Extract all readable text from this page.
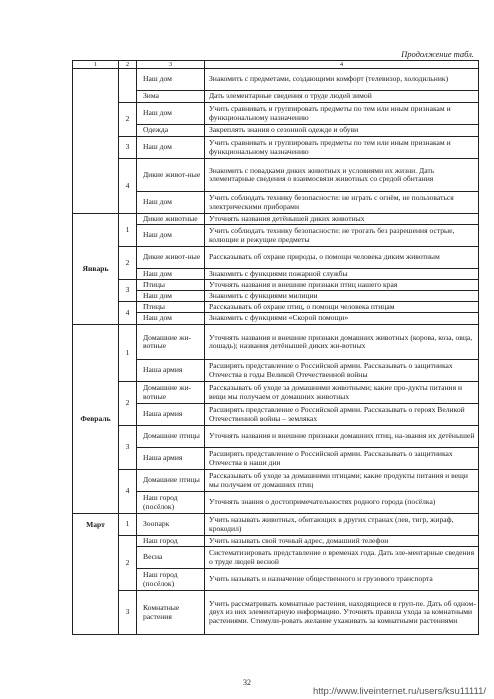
Продолжение табл.
1	2	3	4
		Наш дом	Знакомить с предметами, создающими комфорт (телевизор, холодильник)
		Зима	Дать элементарные сведения о труде людей зимой
	2	Наш дом	Учить сравнивать и группировать предметы по тем или иным признакам и функциональному назначению
		Одежда	Закреплять знания о сезонной одежде и обуви
	3	Наш дом	Учить сравнивать и группировать предметы по тем или иным признакам и функциональному назначению
	4	Дикие живот-ные	Знакомить с повадками диких животных и условиями их жизни. Дать элементарные сведения о взаимосвязи животных со средой обитания
		Наш дом	Учить соблюдать технику безопасности: не играть с огнём, не пользоваться электрическими приборами
Январь	1	Дикие животные	Уточнять названия детёнышей диких животных
		Наш дом	Учить соблюдать технику безопасности: не трогать без разрешения острые, колющие и режущие предметы
	2	Дикие живот-ные	Рассказывать об охране природы, о помощи человека диким животным
		Наш дом	Знакомить с функциями пожарной службы
	3	Птицы	Уточнять названия и внешние признаки птиц нашего края
		Наш дом	Знакомить с функциями милиции
	4	Птицы	Рассказывать об охране птиц, о помощи человека птицам
		Наш дом	Знакомить с функциями «Скорой помощи»
Февраль	1	Домашние жи-вотные	Уточнять названия и внешние признаки домашних животных (корова, коза, овца, лошадь); названия детёнышей диких жи-вотных
		Наша армия	Расширять представление о Российской армии. Рассказывать о защитниках Отечества в годы Великой Отечественной войны
	2	Домашние жи-вотные	Рассказывать об уходе за домашними животными; какие про-дукты питания и вещи мы получаем от домашних животных
		Наша армия	Расширять представление о Российской армии. Рассказывать о героях Великой Отечественной войны – земляках
	3	Домашние птицы	Уточнять названия и внешние признаки домашних птиц, на-звания их детёнышей
		Наша армия	Расширять представление о Российской армии. Рассказывать о защитниках Отечества в наши дни
	4	Домашние птицы	Рассказывать об уходе за домашними птицами; какие продукты питания и вещи мы получаем от домашних птиц
		Наш город (посёлок)	Уточнять знания о достопримечательностях родного города (посёлка)
Март	1	Зоопарк	Учить называть животных, обитающих в других странах (лев, тигр, жираф, крокодил)
	2	Наш город	Учить называть свой точный адрес, домашний телефон
		Весна	Систематизировать представление о временах года. Дать эле-ментарные сведения о труде людей весной
		Наш город (посёлок)	Учить называть и назначение общественного и грузового транспорта
	3	Комнатные растения	Учить рассматривать комнатные растения, находящиеся в груп-пе. Дать об одном-двух из них элементарную информацию. Уточнять правила ухода за комнатными растениями. Стимули-ровать желание ухаживать за комнатными растениями
32
http://www.liveinternet.ru/users/ksu11111/
